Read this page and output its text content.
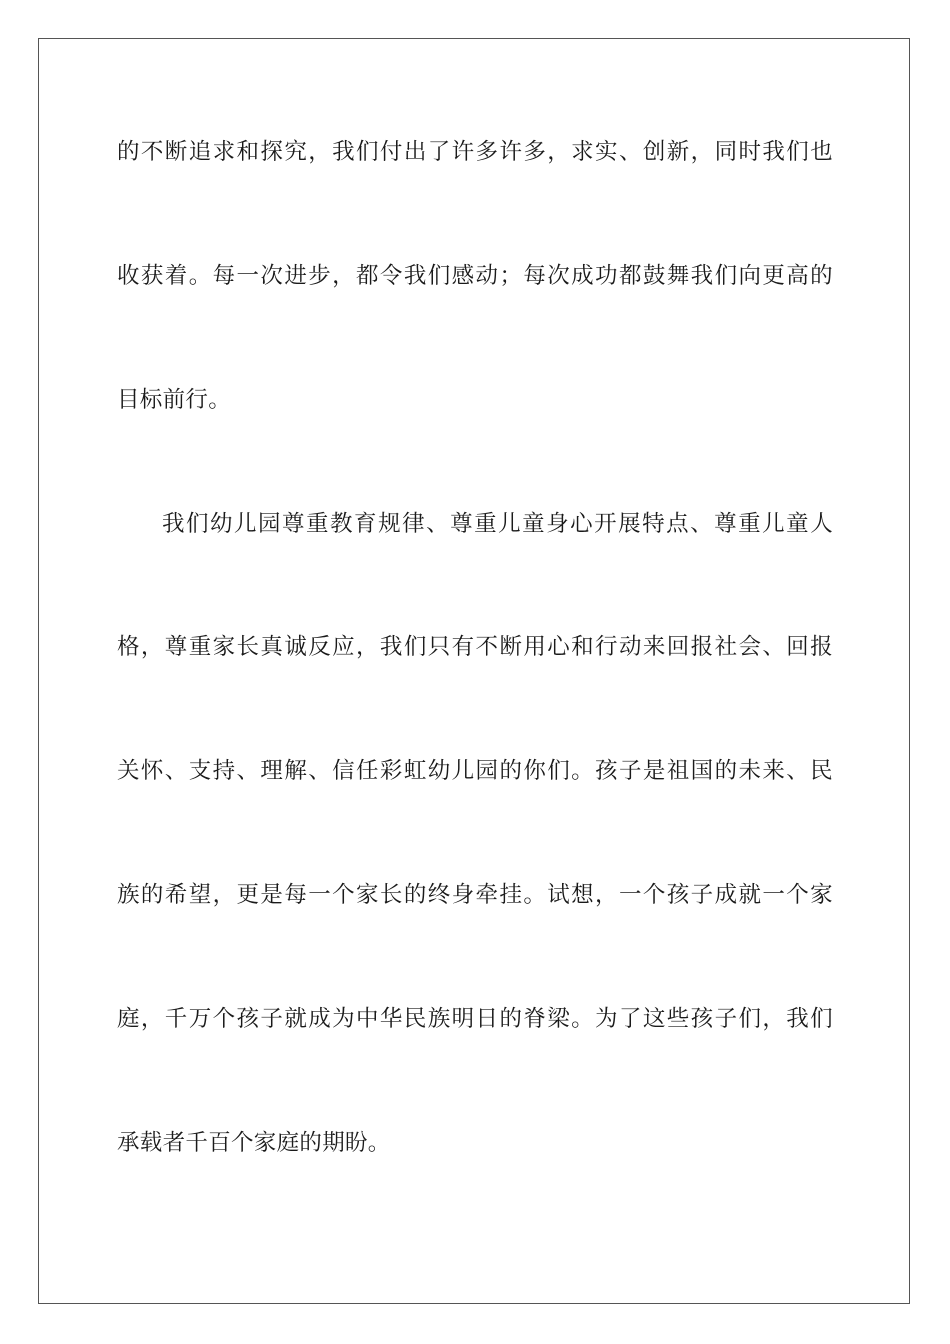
的不断追求和探究，我们付出了许多许多，求实、创新，同时我们也
收获着。每一次进步，都令我们感动；每次成功都鼓舞我们向更高的
目标前行。
我们幼儿园尊重教育规律、尊重儿童身心开展特点、尊重儿童人
格，尊重家长真诚反应，我们只有不断用心和行动来回报社会、回报
关怀、支持、理解、信任彩虹幼儿园的你们。孩子是祖国的未来、民
族的希望，更是每一个家长的终身牵挂。试想，一个孩子成就一个家
庭，千万个孩子就成为中华民族明日的脊梁。为了这些孩子们，我们
承载者千百个家庭的期盼。
